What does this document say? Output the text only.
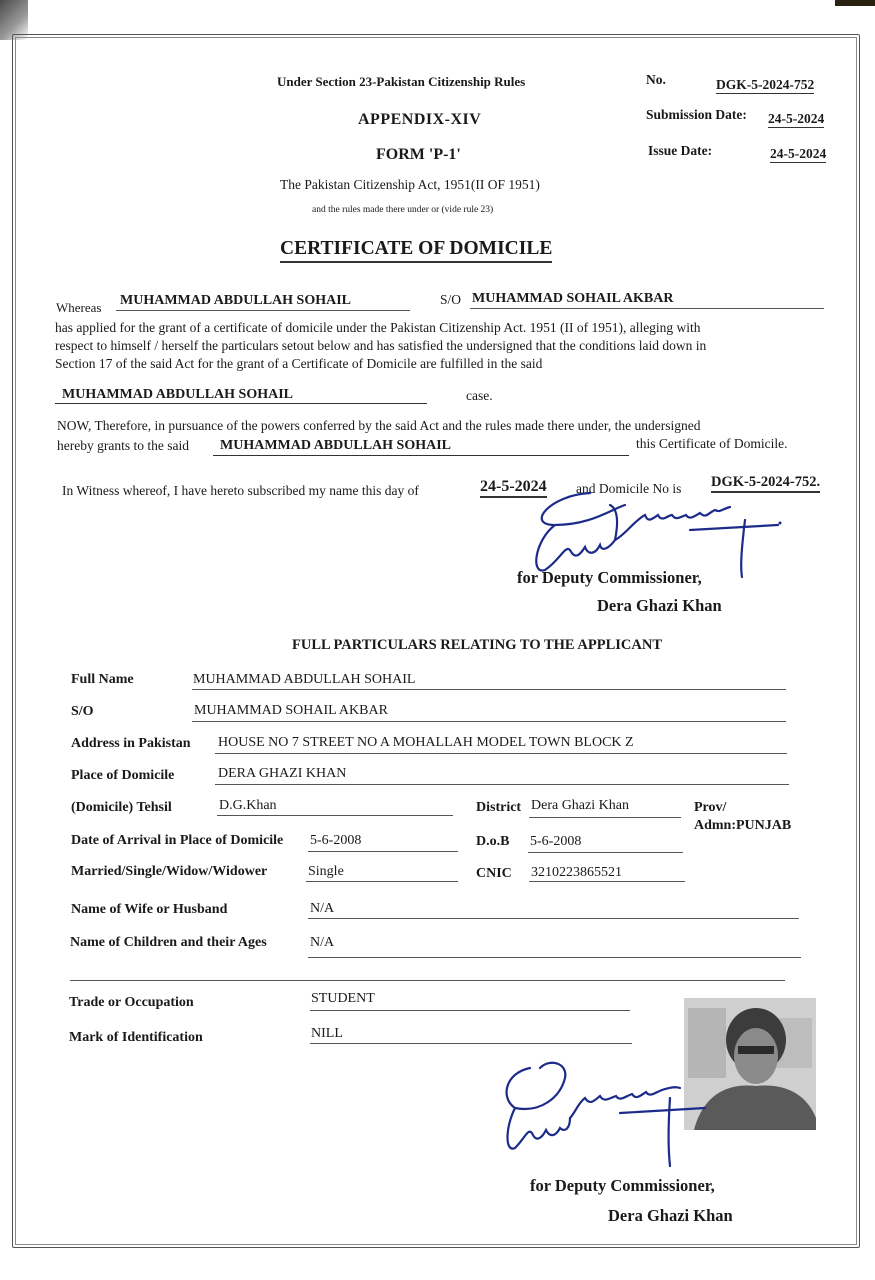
Under Section 23-Pakistan Citizenship Rules
APPENDIX-XIV
FORM 'P-1'
The Pakistan Citizenship Act, 1951(II OF 1951)
and the rules made there under or (vide rule 23)
CERTIFICATE OF DOMICILE
No.	DGK-5-2024-752
Submission Date: 24-5-2024
Issue Date:	24-5-2024
Whereas MUHAMMAD ABDULLAH SOHAIL	S/O MUHAMMAD SOHAIL AKBAR
has applied for the grant of a certificate of domicile under the Pakistan Citizenship Act. 1951 (II of 1951), alleging with
respect to himself / herself the particulars setout below and has satisfied the undersigned that the conditions laid down in
Section 17 of the said Act for the grant of a Certificate of Domicile are fulfilled in the said
MUHAMMAD ABDULLAH SOHAIL	case.
NOW, Therefore, in pursuance of the powers conferred by the said Act and the rules made there under, the undersigned
hereby grants to the said MUHAMMAD ABDULLAH SOHAIL	this Certificate of Domicile.
In Witness whereof, I have hereto subscribed my name this day of	24-5-2024 and Domicile No is DGK-5-2024-752.
for Deputy Commissioner,
Dera Ghazi Khan
FULL PARTICULARS RELATING TO THE APPLICANT
Full Name	MUHAMMAD ABDULLAH SOHAIL
S/O	MUHAMMAD SOHAIL AKBAR
Address in Pakistan HOUSE NO 7 STREET NO A MOHALLAH MODEL TOWN BLOCK Z
Place of Domicile	DERA GHAZI KHAN
(Domicile) Tehsil	D.G.Khan	District Dera Ghazi Khan	Prov/
Admn:PUNJAB
Date of Arrival in Place of Domicile 5-6-2008	D.o.B 5-6-2008
Married/Single/Widow/Widower	Single	CNIC 3210223865521
Name of Wife or Husband	N/A
Name of Children and their Ages	N/A
Trade or Occupation	STUDENT
Mark of Identification	NILL
for Deputy Commissioner,
Dera Ghazi Khan
